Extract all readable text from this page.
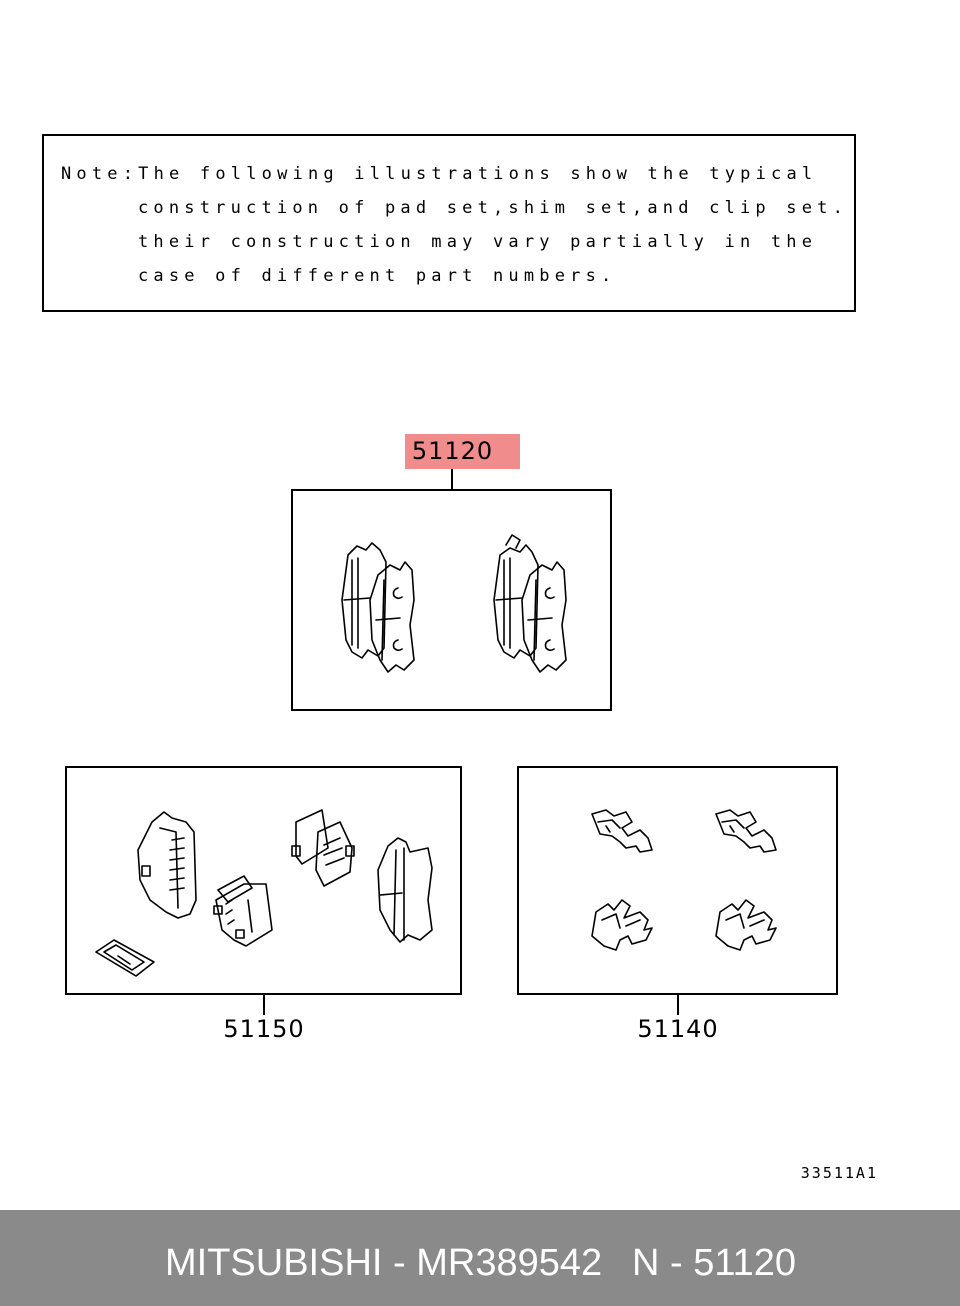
Note:The following illustrations show the typical
construction of pad set,shim set,and clip set.
their construction may vary partially in the
case of different part numbers.
51120
51150	51140
33511A1
MITSUBISHI - MR389542 N - 51120
